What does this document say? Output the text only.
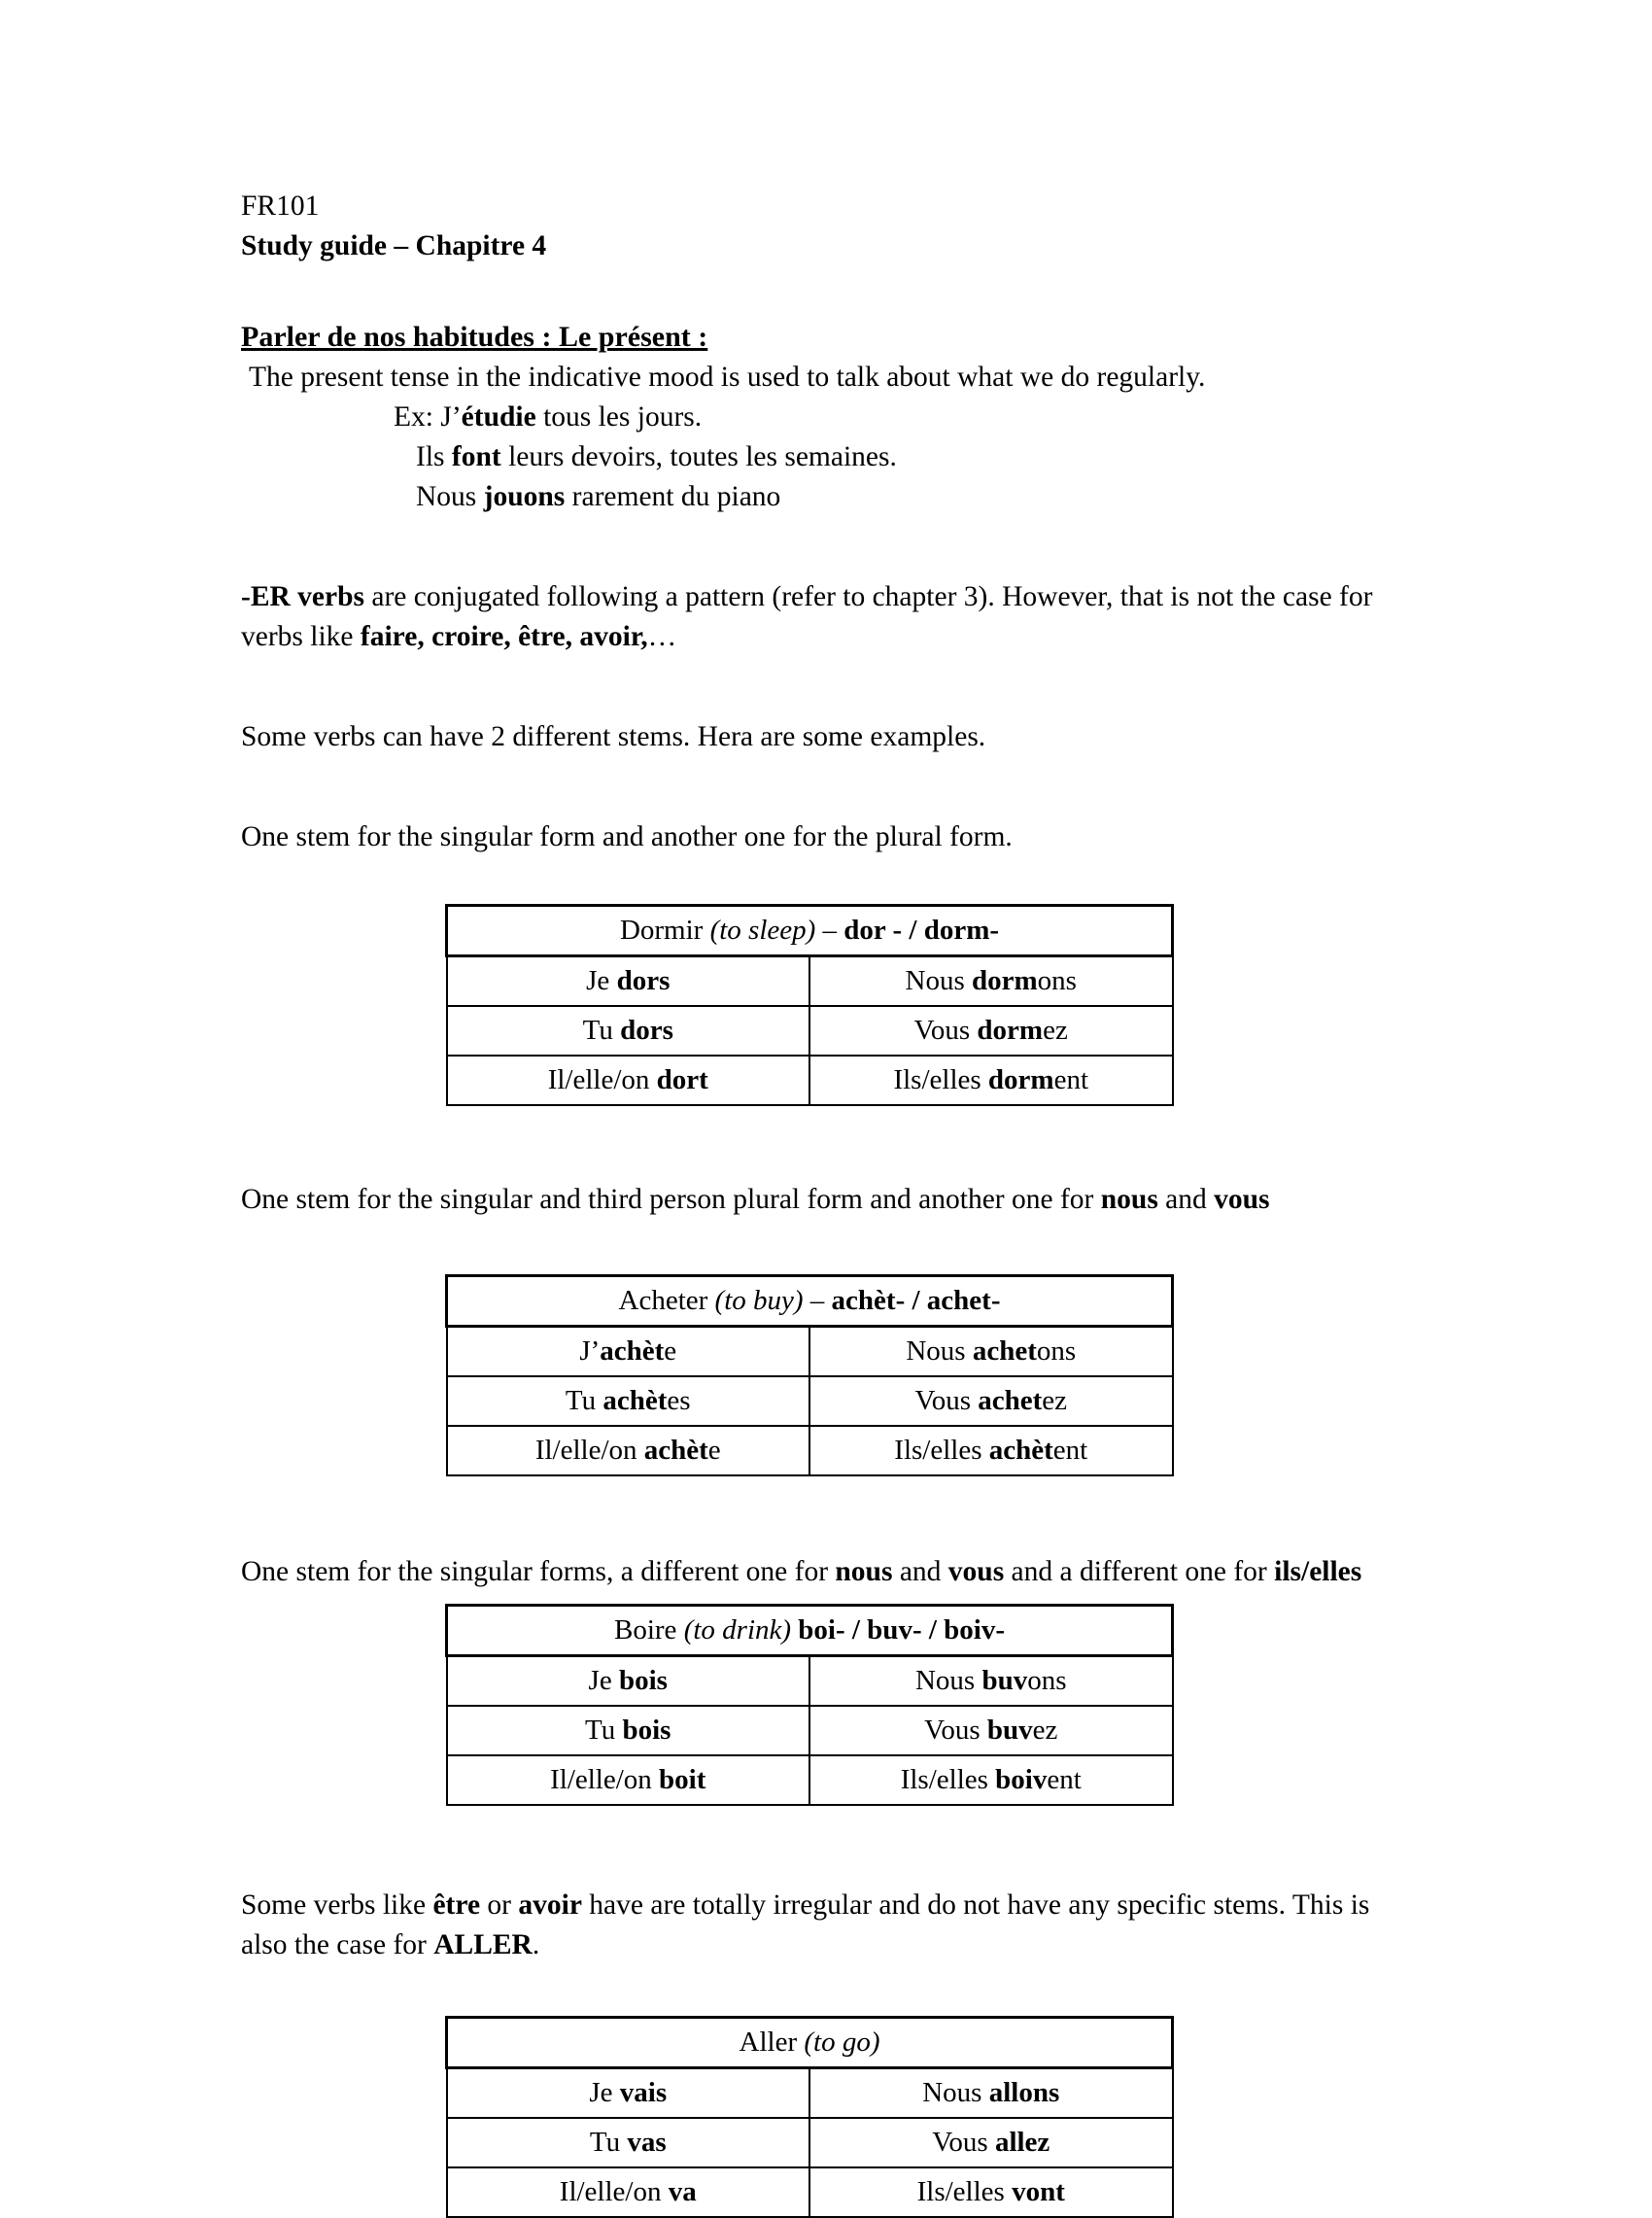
FR101
Study guide – Chapitre 4
Parler de nos habitudes : Le présent :
The present tense in the indicative mood is used to talk about what we do regularly.
Ex: J’étudie tous les jours.
Ils font leurs devoirs, toutes les semaines.
Nous jouons rarement du piano
-ER verbs are conjugated following a pattern (refer to chapter 3). However, that is not the case for verbs like faire, croire, être, avoir,…
Some verbs can have 2 different stems. Hera are some examples.
One stem for the singular form and another one for the plural form.
Dormir (to sleep) – dor - / dorm-	
Je dors	Nous dormons
Tu dors	Vous dormez
Il/elle/on dort	Ils/elles dorment
One stem for the singular and third person plural form and another one for nous and vous
Acheter (to buy) – achèt- / achet-	
J’achète	Nous achetons
Tu achètes	Vous achetez
Il/elle/on achète	Ils/elles achètent
One stem for the singular forms, a different one for nous and vous and a different one for ils/elles
Boire (to drink) boi- / buv- / boiv-	
Je bois	Nous buvons
Tu bois	Vous buvez
Il/elle/on boit	Ils/elles boivent
Some verbs like être or avoir have are totally irregular and do not have any specific stems. This is also the case for ALLER.
Aller (to go)	
Je vais	Nous allons
Tu vas	Vous allez
Il/elle/on va	Ils/elles vont
